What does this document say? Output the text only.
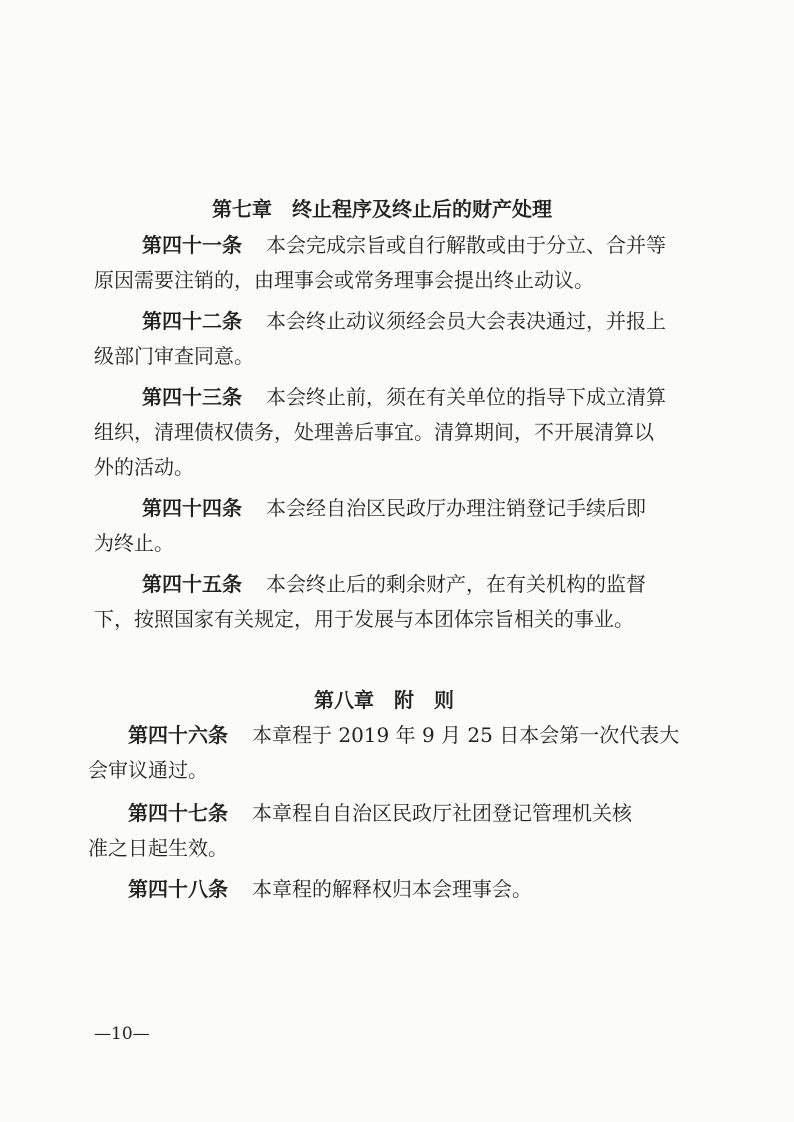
第七章　终止程序及终止后的财产处理
第四十一条 本会完成宗旨或自行解散或由于分立、合并等
原因需要注销的，由理事会或常务理事会提出终止动议。
第四十二条 本会终止动议须经会员大会表决通过，并报上
级部门审查同意。
第四十三条 本会终止前，须在有关单位的指导下成立清算
组织，清理债权债务，处理善后事宜。清算期间，不开展清算以
外的活动。
第四十四条 本会经自治区民政厅办理注销登记手续后即
为终止。
第四十五条 本会终止后的剩余财产，在有关机构的监督
下，按照国家有关规定，用于发展与本团体宗旨相关的事业。
第八章　附　则
第四十六条 本章程于 2019 年 9 月 25 日本会第一次代表大
会审议通过。
第四十七条 本章程自自治区民政厅社团登记管理机关核
准之日起生效。
第四十八条 本章程的解释权归本会理事会。
—10—
